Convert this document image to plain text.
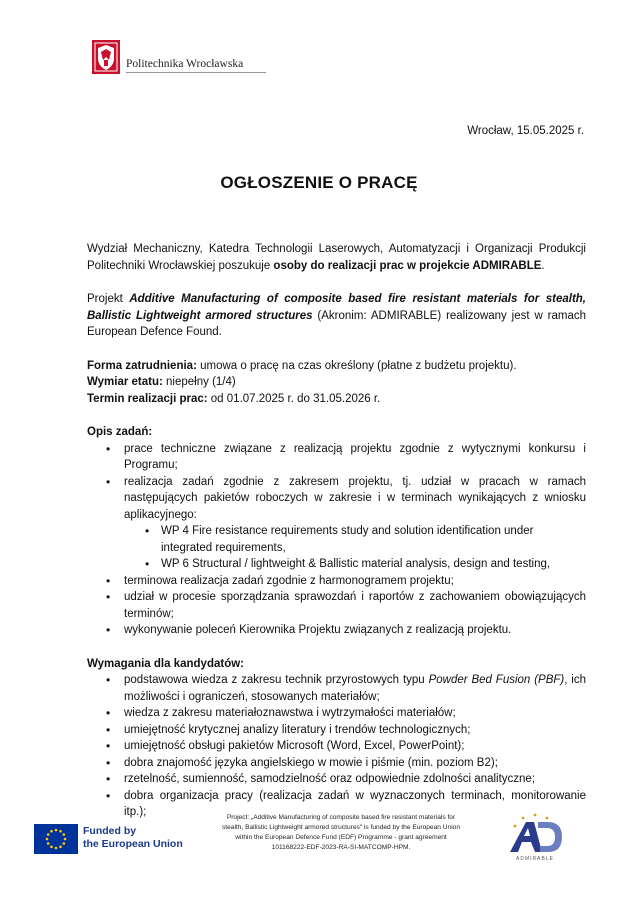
Politechnika Wrocławska
Wrocław, 15.05.2025 r.
OGŁOSZENIE O PRACĘ

Wydział Mechaniczny, Katedra Technologii Laserowych, Automatyzacji i Organizacji Produkcji Politechniki Wrocławskiej poszukuje osoby do realizacji prac w projekcie ADMIRABLE.

Projekt Additive Manufacturing of composite based fire resistant materials for stealth, Ballistic Lightweight armored structures (Akronim: ADMIRABLE) realizowany jest w ramach European Defence Found.

Forma zatrudnienia: umowa o pracę na czas określony (płatne z budżetu projektu).

Wymiar etatu: niepełny (1/4)

Termin realizacji prac: od 01.07.2025 r. do 31.05.2026 r.

Opis zadań:

• prace techniczne związane z realizacją projektu zgodnie z wytycznymi konkursu i Programu;
• realizacja zadań zgodnie z zakresem projektu, tj. udział w pracach w ramach następujących pakietów roboczych w zakresie i w terminach wynikających z wniosku aplikacyjnego:
• WP 4 Fire resistance requirements study and solution identification under integrated requirements,
• WP 6 Structural / lightweight & Ballistic material analysis, design and testing,
• terminowa realizacja zadań zgodnie z harmonogramem projektu;
• udział w procesie sporządzania sprawozdań i raportów z zachowaniem obowiązujących terminów;
• wykonywanie poleceń Kierownika Projektu związanych z realizacją projektu.

Wymagania dla kandydatów:

• podstawowa wiedza z zakresu technik przyrostowych typu Powder Bed Fusion (PBF), ich możliwości i ograniczeń, stosowanych materiałów;
• wiedza z zakresu materiałoznawstwa i wytrzymałości materiałów;
• umiejętność krytycznej analizy literatury i trendów technologicznych;
• umiejętność obsługi pakietów Microsoft (Word, Excel, PowerPoint);
• dobra znajomość języka angielskiego w mowie i piśmie (min. poziom B2);
• rzetelność, sumienność, samodzielność oraz odpowiednie zdolności analityczne;
• dobra organizacja pracy (realizacja zadań w wyznaczonych terminach, monitorowanie itp.);
Funded by
the European Union
Project: „Additive Manufacturing of composite based fire resistant materials for
stealth, Ballistic Lightweight armored structures" is funded by the European Union
within the European Defence Fund (EDF) Programme - grant agreement
101168222-EDF-2023-RA-SI-MATCOMP-HPM.
ADMIRABLE
